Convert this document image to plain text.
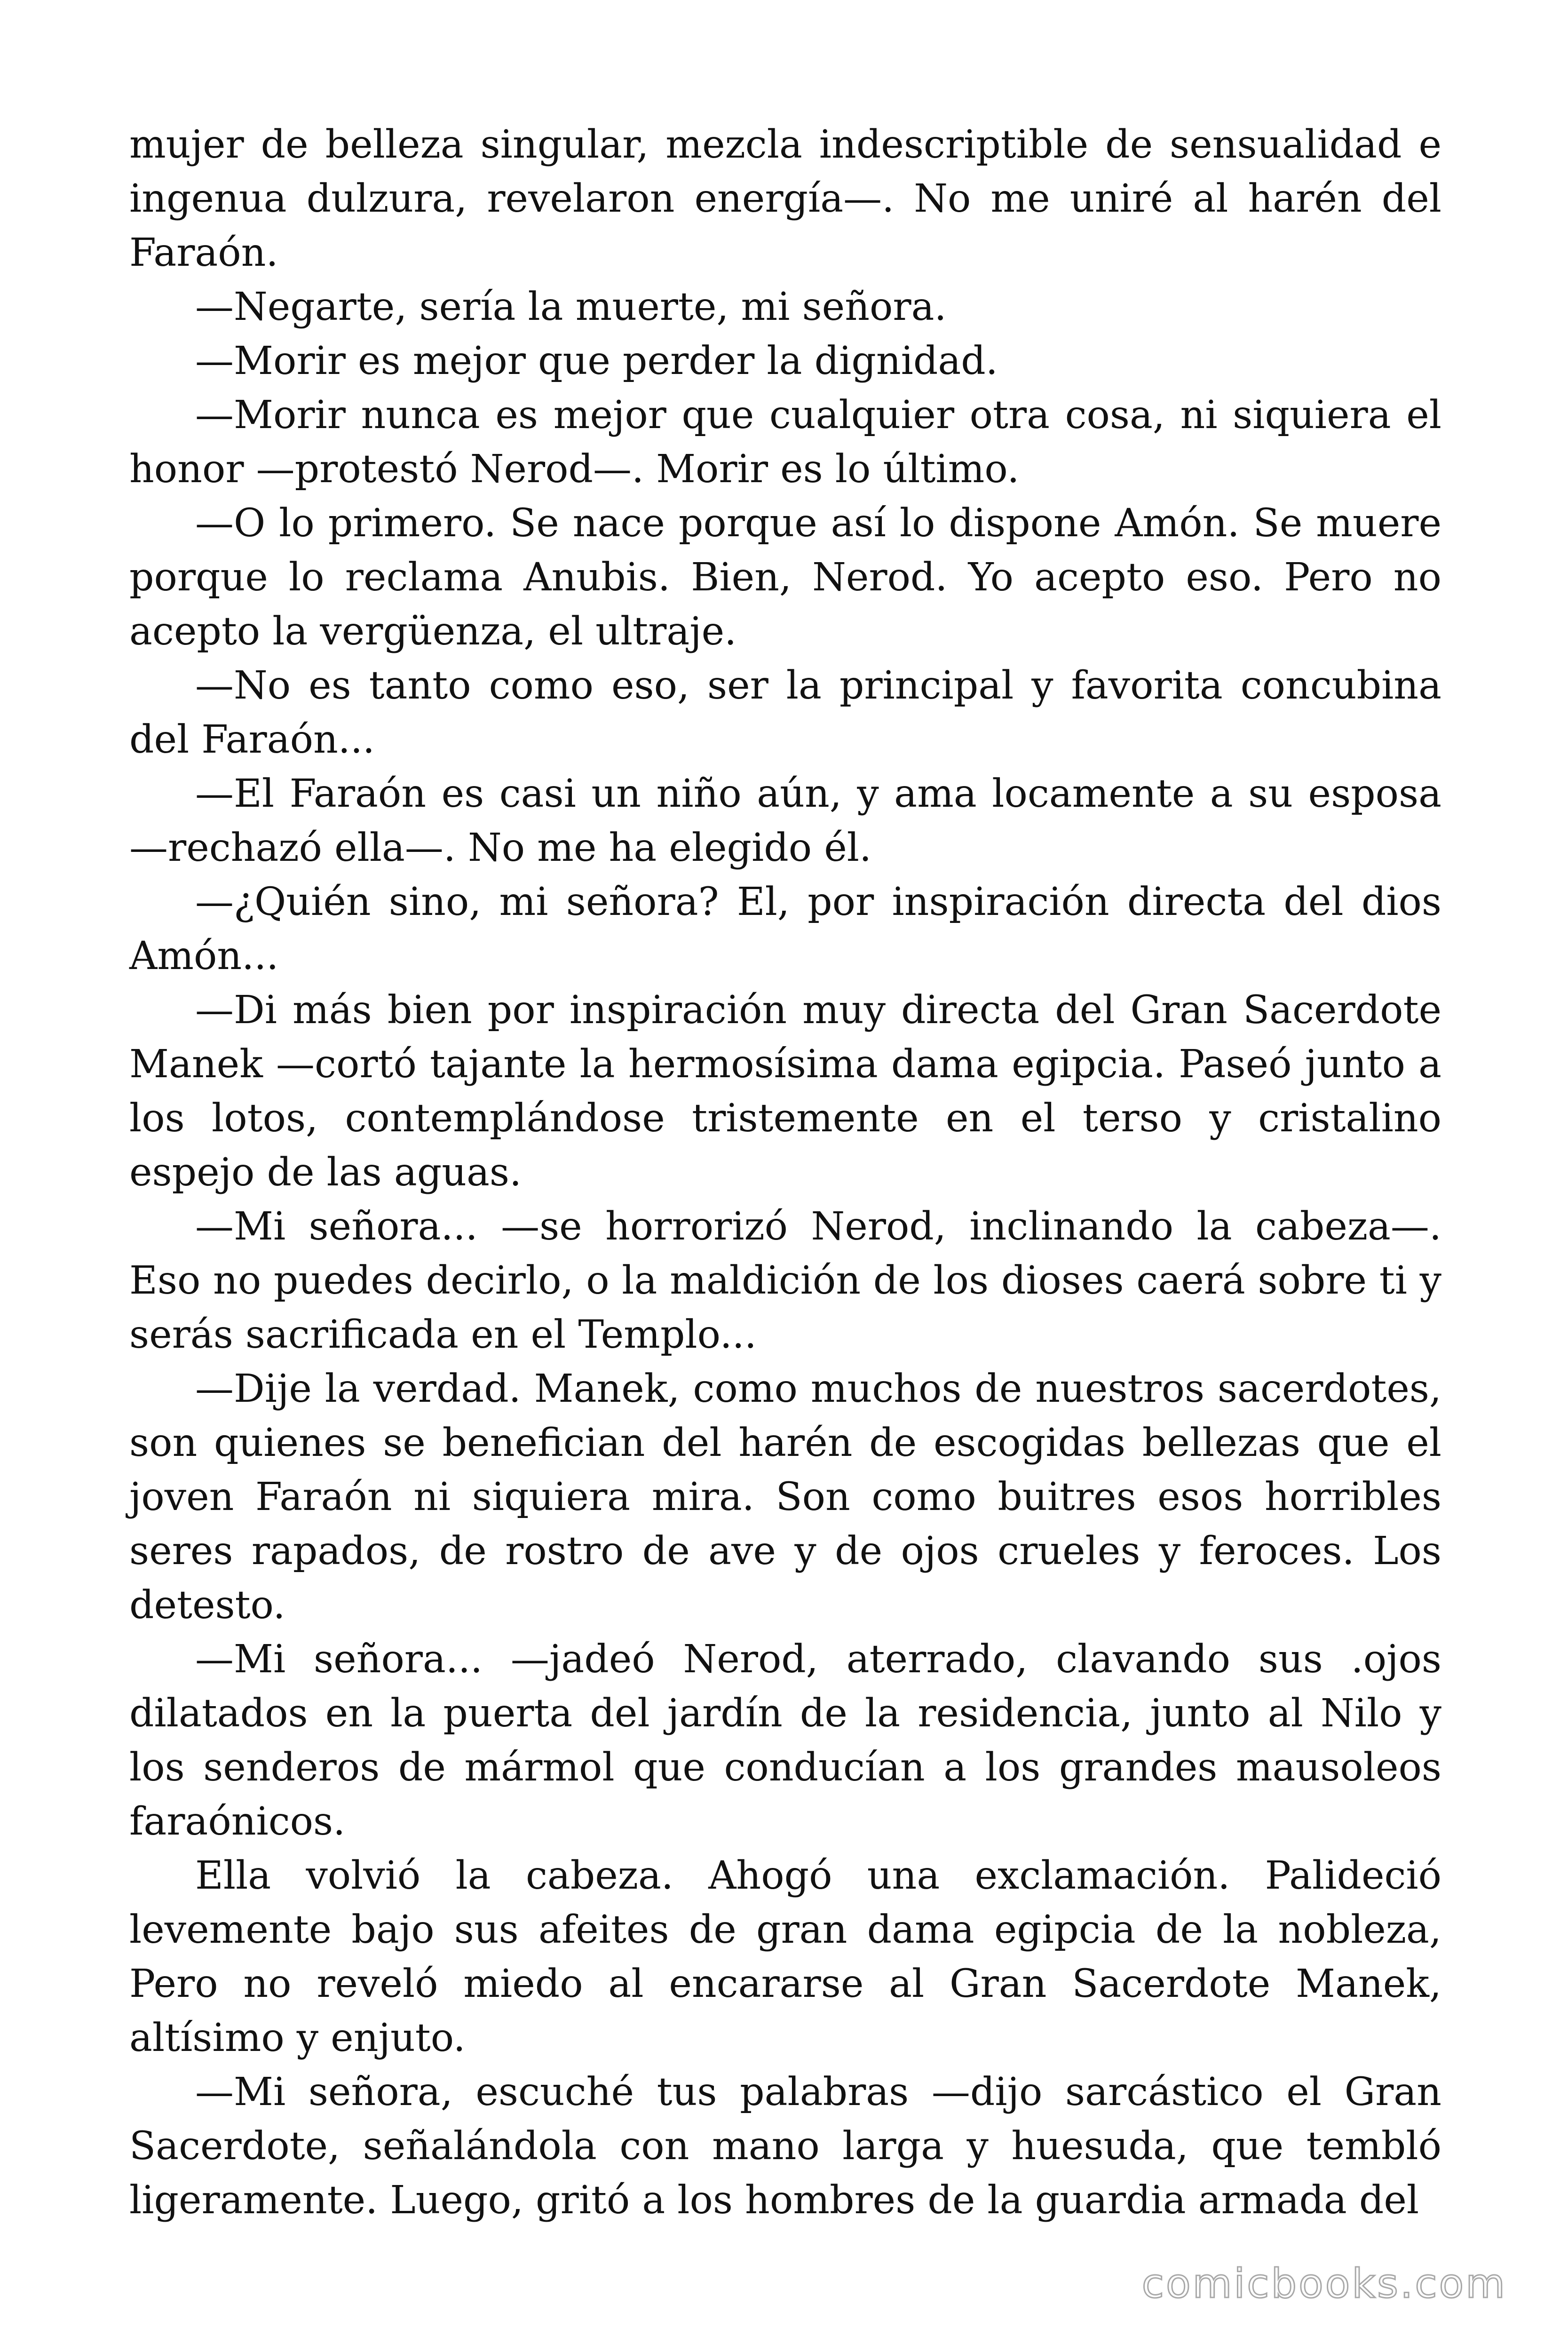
mujer de belleza singular, mezcla indescriptible de sensualidad e ingenua dulzura, revelaron energía—. No me uniré al harén del Faraón.

—Negarte, sería la muerte, mi señora.

—Morir es mejor que perder la dignidad.

—Morir nunca es mejor que cualquier otra cosa, ni siquiera el honor —protestó Nerod—. Morir es lo último.

—O lo primero. Se nace porque así lo dispone Amón. Se muere porque lo reclama Anubis. Bien, Nerod. Yo acepto eso. Pero no acepto la vergüenza, el ultraje.

—No es tanto como eso, ser la principal y favorita concubina del Faraón...

—El Faraón es casi un niño aún, y ama locamente a su esposa —rechazó ella—. No me ha elegido él.

—¿Quién sino, mi señora? El, por inspiración directa del dios Amón...

—Di más bien por inspiración muy directa del Gran Sacerdote Manek —cortó tajante la hermosísima dama egipcia. Paseó junto a los lotos, contemplándose tristemente en el terso y cristalino espejo de las aguas.

—Mi señora... —se horrorizó Nerod, inclinando la cabeza—. Eso no puedes decirlo, o la maldición de los dioses caerá sobre ti y serás sacrificada en el Templo...

—Dije la verdad. Manek, como muchos de nuestros sacerdotes, son quienes se benefician del harén de escogidas bellezas que el joven Faraón ni siquiera mira. Son como buitres esos horribles seres rapados, de rostro de ave y de ojos crueles y feroces. Los detesto.

—Mi señora... —jadeó Nerod, aterrado, clavando sus .ojos dilatados en la puerta del jardín de la residencia, junto al Nilo y los senderos de mármol que conducían a los grandes mausoleos faraónicos.

Ella volvió la cabeza. Ahogó una exclamación. Palideció levemente bajo sus afeites de gran dama egipcia de la nobleza, Pero no reveló miedo al encararse al Gran Sacerdote Manek, altísimo y enjuto.

—Mi señora, escuché tus palabras —dijo sarcástico el Gran Sacerdote, señalándola con mano larga y huesuda, que tembló ligeramente. Luego, gritó a los hombres de la guardia armada del

comicbooks.com
